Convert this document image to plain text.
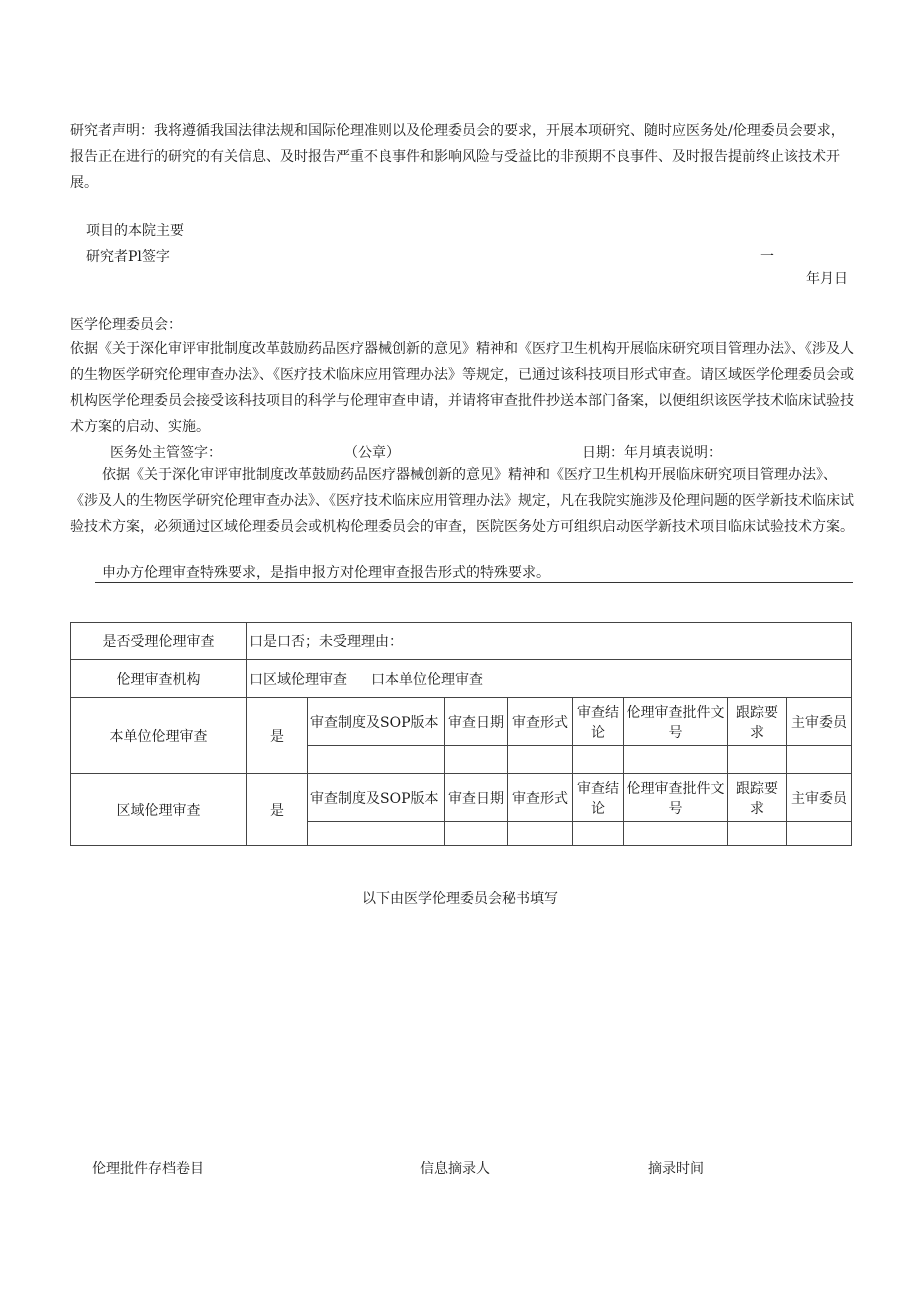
研究者声明：我将遵循我国法律法规和国际伦理准则以及伦理委员会的要求，开展本项研究、随时应医务处/伦理委员会要求，报告正在进行的研究的有关信息、及时报告严重不良事件和影响风险与受益比的非预期不良事件、及时报告提前终止该技术开展。
项目的本院主要
研究者Pl签字	一
年月日
医学伦理委员会：
依据《关于深化审评审批制度改革鼓励药品医疗器械创新的意见》精神和《医疗卫生机构开展临床研究项目管理办法》、《涉及人的生物医学研究伦理审查办法》、《医疗技术临床应用管理办法》等规定，已通过该科技项目形式审查。请区域医学伦理委员会或机构医学伦理委员会接受该科技项目的科学与伦理审查申请，并请将审查批件抄送本部门备案，以便组织该医学技术临床试验技术方案的启动、实施。
医务处主管签字：	（公章）	日期：年月填表说明：
依据《关于深化审评审批制度改革鼓励药品医疗器械创新的意见》精神和《医疗卫生机构开展临床研究项目管理办法》、《涉及人的生物医学研究伦理审查办法》、《医疗技术临床应用管理办法》规定，凡在我院实施涉及伦理问题的医学新技术临床试验技术方案，必须通过区域伦理委员会或机构伦理委员会的审查，医院医务处方可组织启动医学新技术项目临床试验技术方案。
申办方伦理审查特殊要求，是指申报方对伦理审查报告形式的特殊要求。
是否受理伦理审查	口是口否；未受理理由：							
伦理审查机构	口区域伦理审查 口本单位伦理审查							
本单位伦理审查	是	审查制度及SOP版本	审查日期	审查形式	审查结论	伦理审查批件文号	跟踪要求	主审委员

区域伦理审查	是	审查制度及SOP版本	审查日期	审查形式	审查结论	伦理审查批件文号	跟踪要求	主审委员

以下由医学伦理委员会秘书填写
伦理批件存档卷目	信息摘录人	摘录时间
